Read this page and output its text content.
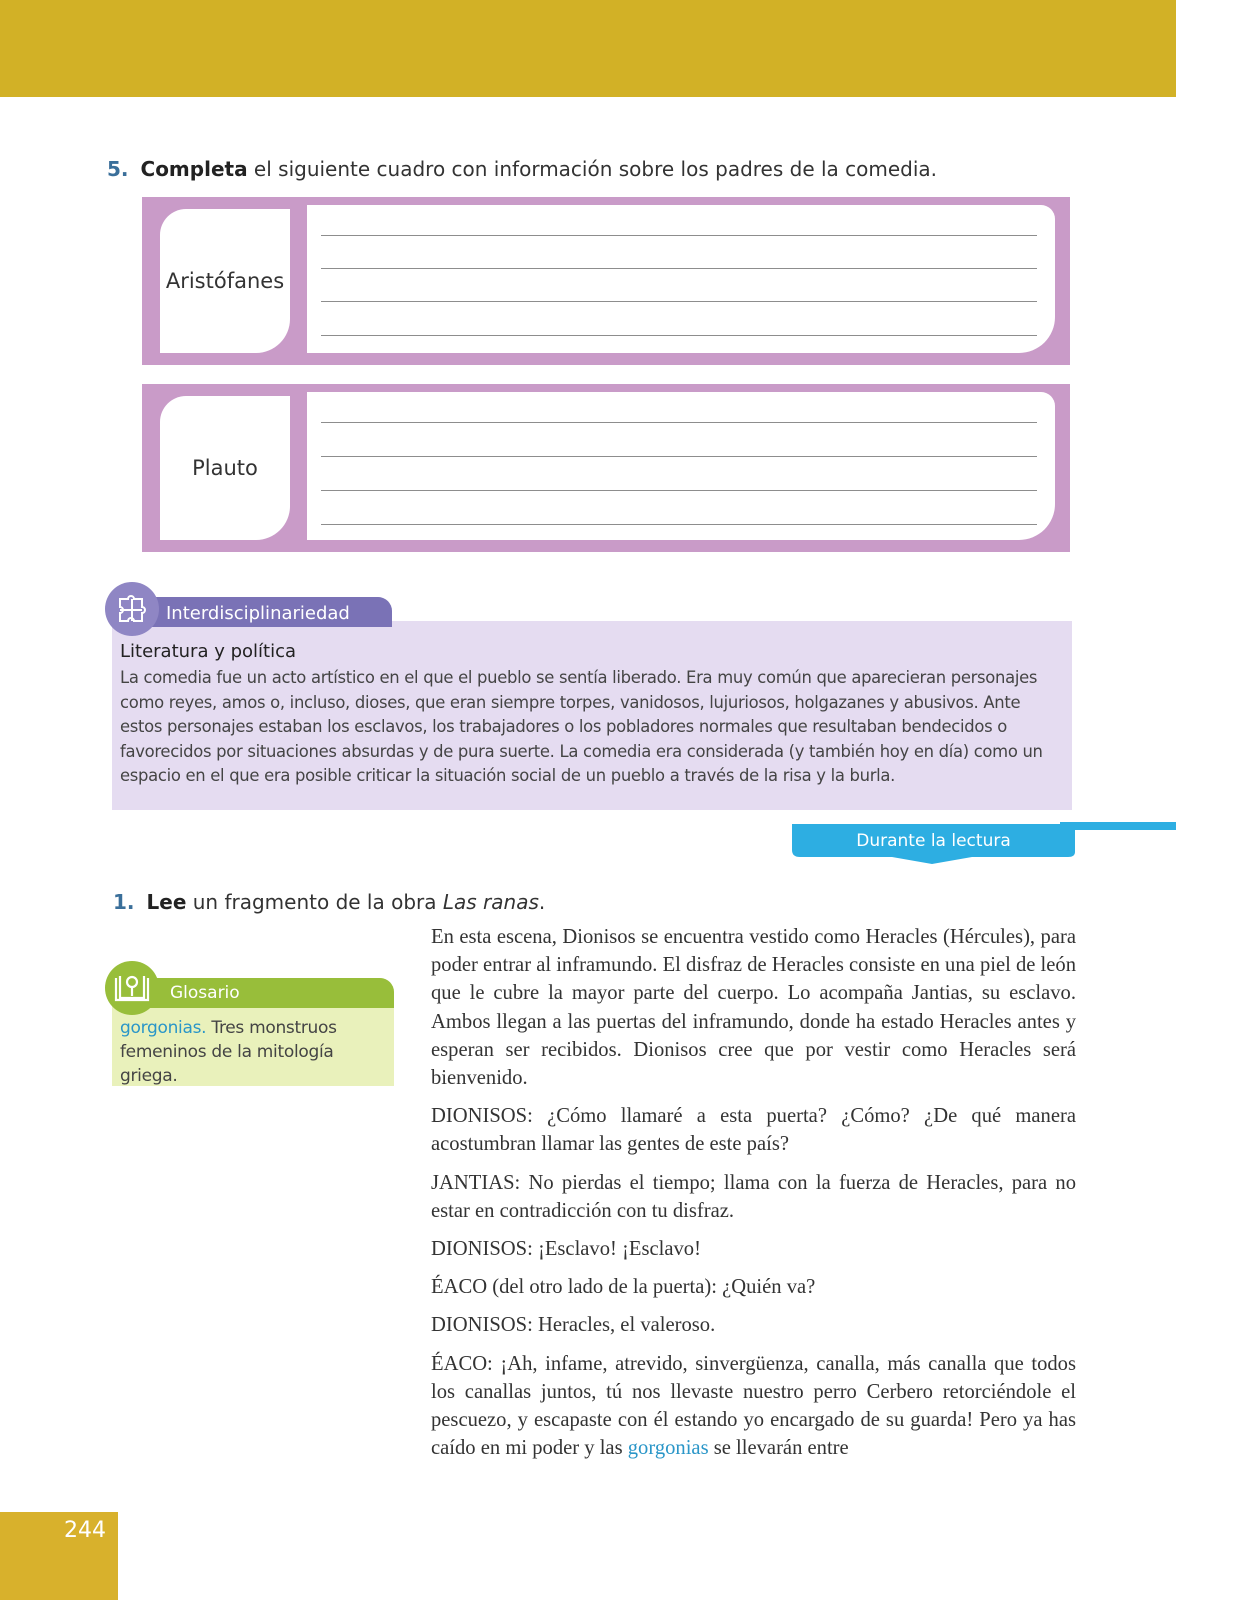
5. Completa el siguiente cuadro con información sobre los padres de la comedia.
Aristófanes
Plauto
Interdisciplinariedad
Literatura y política
La comedia fue un acto artístico en el que el pueblo se sentía liberado. Era muy común que aparecieran personajes como reyes, amos o, incluso, dioses, que eran siempre torpes, vanidosos, lujuriosos, holgazanes y abusivos. Ante estos personajes estaban los esclavos, los trabajadores o los pobladores normales que resultaban bendecidos o favorecidos por situaciones absurdas y de pura suerte. La comedia era considerada (y también hoy en día) como un espacio en el que era posible criticar la situación social de un pueblo a través de la risa y la burla.
Durante la lectura
1. Lee un fragmento de la obra Las ranas.
Glosario
gorgonias. Tres monstruos femeninos de la mitología griega.

En esta escena, Dionisos se encuentra vestido como Heracles (Hércules), para poder entrar al inframundo. El disfraz de Heracles consiste en una piel de león que le cubre la mayor parte del cuerpo. Lo acompaña Jantias, su esclavo. Ambos llegan a las puertas del inframundo, donde ha estado Heracles antes y esperan ser recibidos. Dionisos cree que por vestir como Heracles será bienvenido.

DIONISOS: ¿Cómo llamaré a esta puerta? ¿Cómo? ¿De qué manera acostumbran llamar las gentes de este país?

JANTIAS: No pierdas el tiempo; llama con la fuerza de Heracles, para no estar en contradicción con tu disfraz.

DIONISOS: ¡Esclavo! ¡Esclavo!

ÉACO (del otro lado de la puerta): ¿Quién va?

DIONISOS: Heracles, el valeroso.

ÉACO: ¡Ah, infame, atrevido, sinvergüenza, canalla, más canalla que todos los canallas juntos, tú nos llevaste nuestro perro Cerbero retorciéndole el pescuezo, y escapaste con él estando yo encargado de su guarda! Pero ya has caído en mi poder y las gorgonias se llevarán entre

244
